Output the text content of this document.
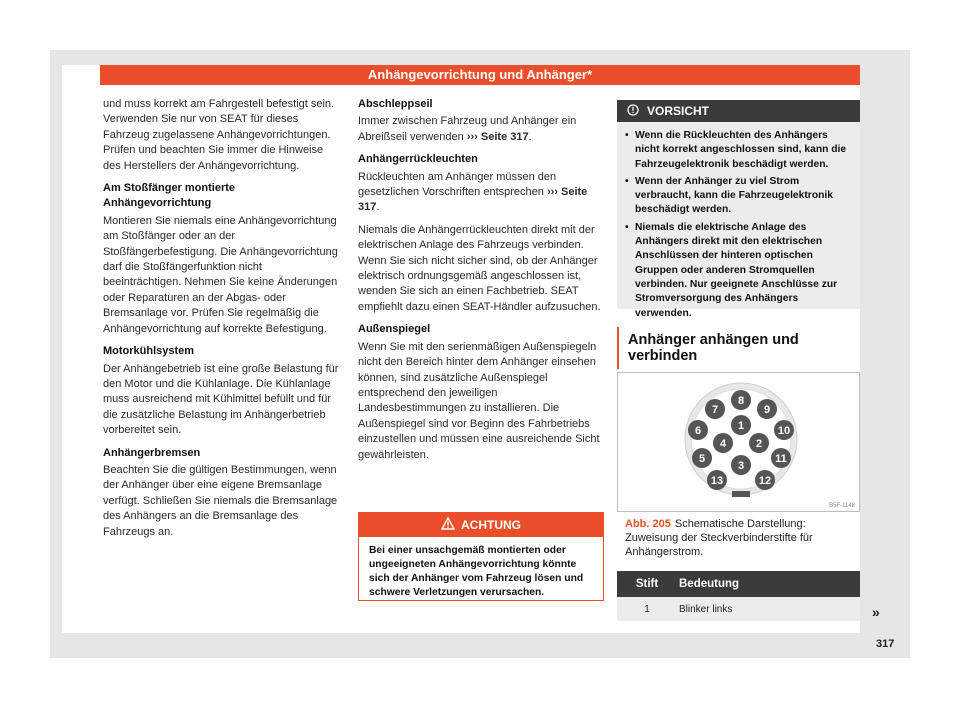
Anhängevorrichtung und Anhänger*

und muss korrekt am Fahrgestell befestigt sein. Verwenden Sie nur von SEAT für dieses Fahrzeug zugelassene Anhängevorrichtungen. Prüfen und beachten Sie immer die Hinweise des Herstellers der Anhängevorrichtung.

Am Stoßfänger montierte Anhängevorrichtung

Montieren Sie niemals eine Anhängevorrichtung am Stoßfänger oder an der Stoßfängerbefestigung. Die Anhängevorrichtung darf die Stoßfängerfunktion nicht beeinträchtigen. Nehmen Sie keine Änderungen oder Reparaturen an der Abgas- oder Bremsanlage vor. Prüfen Sie regelmäßig die Anhängevorrichtung auf korrekte Befestigung.

Motorkühlsystem

Der Anhängebetrieb ist eine große Belastung für den Motor und die Kühlanlage. Die Kühlanlage muss ausreichend mit Kühlmittel befüllt und für die zusätzliche Belastung im Anhängerbetrieb vorbereitet sein.

Anhängerbremsen

Beachten Sie die gültigen Bestimmungen, wenn der Anhänger über eine eigene Bremsanlage verfügt. Schließen Sie niemals die Bremsanlage des Anhängers an die Bremsanlage des Fahrzeugs an.

Abschleppseil

Immer zwischen Fahrzeug und Anhänger ein Abreißseil verwenden ››› Seite 317.

Anhängerrückleuchten

Rückleuchten am Anhänger müssen den gesetzlichen Vorschriften entsprechen ››› Seite 317.

Niemals die Anhängerrückleuchten direkt mit der elektrischen Anlage des Fahrzeugs verbinden. Wenn Sie sich nicht sicher sind, ob der Anhänger elektrisch ordnungsgemäß angeschlossen ist, wenden Sie sich an einen Fachbetrieb. SEAT empfiehlt dazu einen SEAT-Händler aufzusuchen.

Außenspiegel

Wenn Sie mit den serienmäßigen Außenspiegeln nicht den Bereich hinter dem Anhänger einsehen können, sind zusätzliche Außenspiegel entsprechend den jeweiligen Landesbestimmungen zu installieren. Die Außenspiegel sind vor Beginn des Fahrbetriebs einzustellen und müssen eine ausreichende Sicht gewährleisten.

ACHTUNG
Bei einer unsachgemäß montierten oder ungeeigneten Anhängevorrichtung könnte sich der Anhänger vom Fahrzeug lösen und schwere Verletzungen verursachen.
VORSICHT
• Wenn die Rückleuchten des Anhängers nicht korrekt angeschlossen sind, kann die Fahrzeugelektronik beschädigt werden.
• Wenn der Anhänger zu viel Strom verbraucht, kann die Fahrzeugelektronik beschädigt werden.
• Niemals die elektrische Anlage des Anhängers direkt mit den elektrischen Anschlüssen der hinteren optischen Gruppen oder anderen Stromquellen verbinden. Nur geeignete Anschlüsse zur Stromversorgung des Anhängers verwenden.
Anhänger anhängen und verbinden
1
2
3
4
5
6
7
8
9
10
11
12
13
B5F-1148
Abb. 205 Schematische Darstellung: Zuweisung der Steckverbinderstifte für Anhängerstrom.
Stift	Bedeutung
1	Blinker links	»
317
